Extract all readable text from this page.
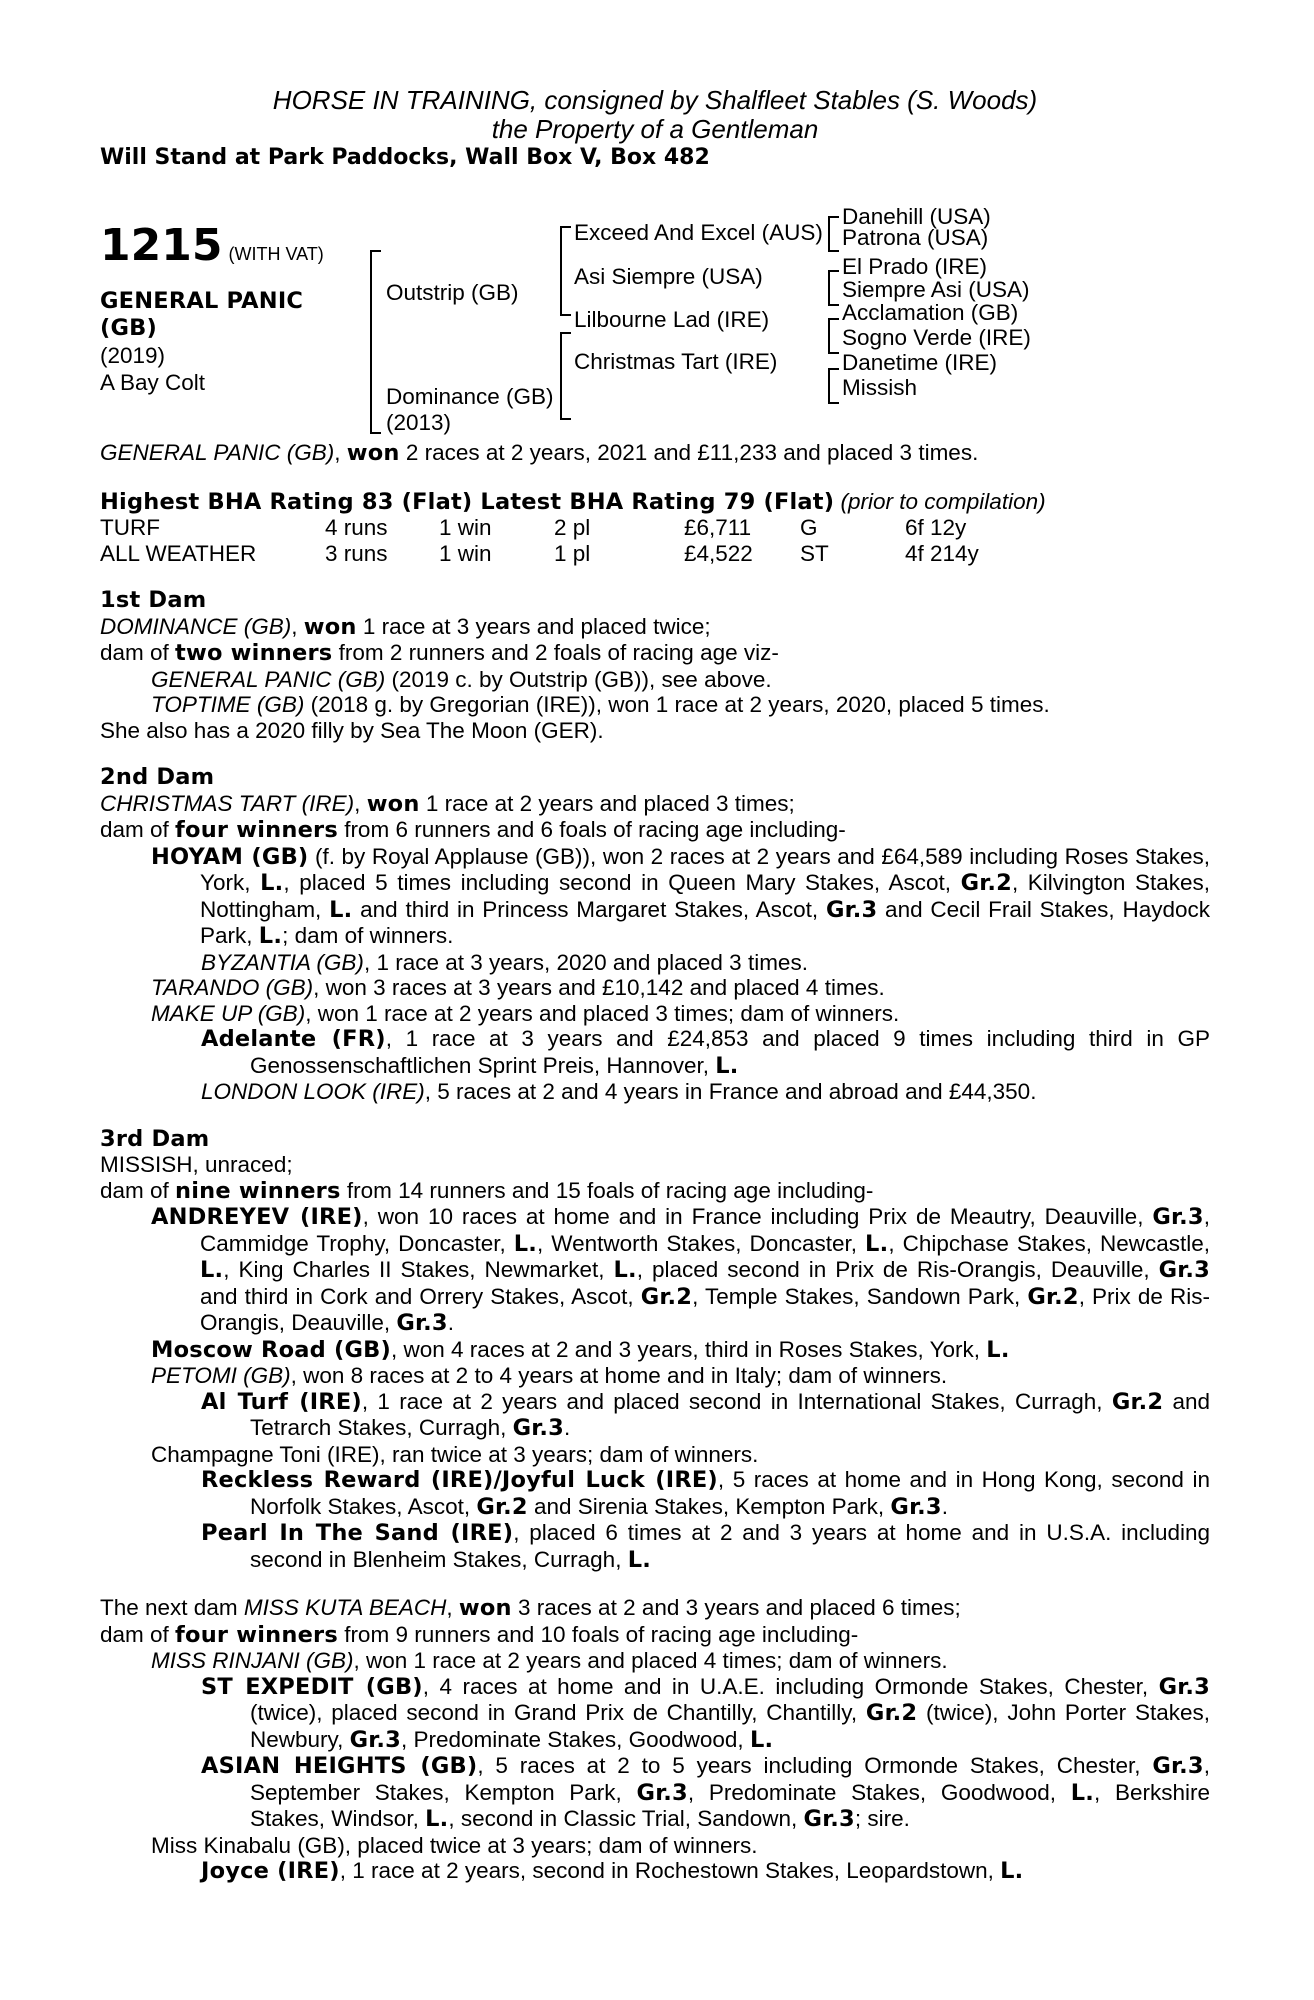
HORSE IN TRAINING, consigned by Shalfleet Stables (S. Woods)
the Property of a Gentleman
Will Stand at Park Paddocks, Wall Box V, Box 482
1215 (WITH VAT)
GENERAL PANIC
(GB)
(2019)
A Bay Colt
Outstrip (GB)
Dominance (GB)
(2013)
Exceed And Excel (AUS)
Asi Siempre (USA)
Lilbourne Lad (IRE)
Christmas Tart (IRE)
Danehill (USA)
Patrona (USA)
El Prado (IRE)
Siempre Asi (USA)
Acclamation (GB)
Sogno Verde (IRE)
Danetime (IRE)
Missish
GENERAL PANIC (GB), won 2 races at 2 years, 2021 and £11,233 and placed 3 times.
Highest BHA Rating 83 (Flat) Latest BHA Rating 79 (Flat) (prior to compilation)
TURF	4 runs	1 win	2 pl	£6,711	G	6f 12y
ALL WEATHER	3 runs	1 win	1 pl	£4,522	ST	4f 214y
1st Dam
DOMINANCE (GB), won 1 race at 3 years and placed twice;
dam of two winners from 2 runners and 2 foals of racing age viz-
GENERAL PANIC (GB) (2019 c. by Outstrip (GB)), see above.
TOPTIME (GB) (2018 g. by Gregorian (IRE)), won 1 race at 2 years, 2020, placed 5 times.
She also has a 2020 filly by Sea The Moon (GER).
2nd Dam
CHRISTMAS TART (IRE), won 1 race at 2 years and placed 3 times;
dam of four winners from 6 runners and 6 foals of racing age including-
HOYAM (GB) (f. by Royal Applause (GB)), won 2 races at 2 years and £64,589 including Roses Stakes, York, L., placed 5 times including second in Queen Mary Stakes, Ascot, Gr.2, Kilvington Stakes, Nottingham, L. and third in Princess Margaret Stakes, Ascot, Gr.3 and Cecil Frail Stakes, Haydock Park, L.; dam of winners.
BYZANTIA (GB), 1 race at 3 years, 2020 and placed 3 times.
TARANDO (GB), won 3 races at 3 years and £10,142 and placed 4 times.
MAKE UP (GB), won 1 race at 2 years and placed 3 times; dam of winners.
Adelante (FR), 1 race at 3 years and £24,853 and placed 9 times including third in GP Genossenschaftlichen Sprint Preis, Hannover, L.
LONDON LOOK (IRE), 5 races at 2 and 4 years in France and abroad and £44,350.
3rd Dam
MISSISH, unraced;
dam of nine winners from 14 runners and 15 foals of racing age including-
ANDREYEV (IRE), won 10 races at home and in France including Prix de Meautry, Deauville, Gr.3, Cammidge Trophy, Doncaster, L., Wentworth Stakes, Doncaster, L., Chipchase Stakes, Newcastle, L., King Charles II Stakes, Newmarket, L., placed second in Prix de Ris-Orangis, Deauville, Gr.3 and third in Cork and Orrery Stakes, Ascot, Gr.2, Temple Stakes, Sandown Park, Gr.2, Prix de Ris-Orangis, Deauville, Gr.3.
Moscow Road (GB), won 4 races at 2 and 3 years, third in Roses Stakes, York, L.
PETOMI (GB), won 8 races at 2 to 4 years at home and in Italy; dam of winners.
Al Turf (IRE), 1 race at 2 years and placed second in International Stakes, Curragh, Gr.2 and Tetrarch Stakes, Curragh, Gr.3.
Champagne Toni (IRE), ran twice at 3 years; dam of winners.
Reckless Reward (IRE)/Joyful Luck (IRE), 5 races at home and in Hong Kong, second in Norfolk Stakes, Ascot, Gr.2 and Sirenia Stakes, Kempton Park, Gr.3.
Pearl In The Sand (IRE), placed 6 times at 2 and 3 years at home and in U.S.A. including second in Blenheim Stakes, Curragh, L.
The next dam MISS KUTA BEACH, won 3 races at 2 and 3 years and placed 6 times;
dam of four winners from 9 runners and 10 foals of racing age including-
MISS RINJANI (GB), won 1 race at 2 years and placed 4 times; dam of winners.
ST EXPEDIT (GB), 4 races at home and in U.A.E. including Ormonde Stakes, Chester, Gr.3 (twice), placed second in Grand Prix de Chantilly, Chantilly, Gr.2 (twice), John Porter Stakes, Newbury, Gr.3, Predominate Stakes, Goodwood, L.
ASIAN HEIGHTS (GB), 5 races at 2 to 5 years including Ormonde Stakes, Chester, Gr.3, September Stakes, Kempton Park, Gr.3, Predominate Stakes, Goodwood, L., Berkshire Stakes, Windsor, L., second in Classic Trial, Sandown, Gr.3; sire.
Miss Kinabalu (GB), placed twice at 3 years; dam of winners.
Joyce (IRE), 1 race at 2 years, second in Rochestown Stakes, Leopardstown, L.
